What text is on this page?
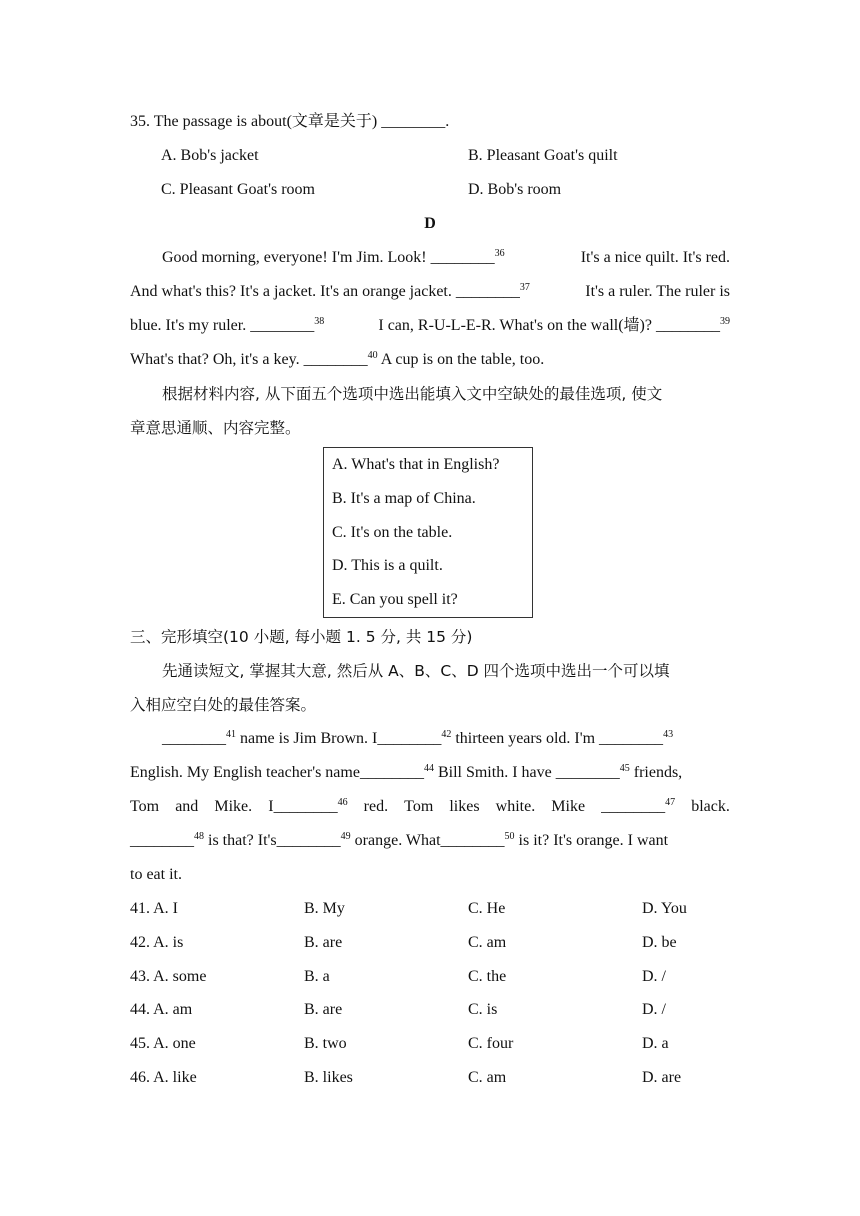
35. The passage is about(文章是关于) ________.
A. Bob's jacket	B. Pleasant Goat's quilt
C. Pleasant Goat's room	D. Bob's room
D
Good morning, everyone! I'm Jim. Look! ________$^{36}$	It's a nice quilt. It's red.
And what's this? It's a jacket. It's an orange jacket. ________$^{37}$	It's a ruler. The ruler is
blue. It's my ruler. ________$^{38}$	I can, R-U-L-E-R. What's on the wall(墙)? ________$^{39}$
What's that? Oh, it's a key. ________$^{40}$ A cup is on the table, too.
根据材料内容, 从下面五个选项中选出能填入文中空缺处的最佳选项, 使文
章意思通顺、内容完整。
A. What's that in English?
B. It's a map of China.
C. It's on the table.
D. This is a quilt.
E. Can you spell it?
三、完形填空(10 小题, 每小题 1. 5 分, 共 15 分)
先通读短文, 掌握其大意, 然后从 A、B、C、D 四个选项中选出一个可以填
入相应空白处的最佳答案。
________$^{41}$ name is Jim Brown. I________$^{42}$ thirteen years old. I'm ________$^{43}$
English. My English teacher's name________$^{44}$ Bill Smith. I have ________$^{45}$ friends,
Tom and Mike. I________$^{46}$ red. Tom likes white. Mike ________$^{47}$ black.
________$^{48}$ is that? It's________$^{49}$ orange. What________$^{50}$ is it? It's orange. I want
to eat it.
41. A. I	B. My	C. He	D. You
42. A. is	B. are	C. am	D. be
43. A. some	B. a	C. the	D. /
44. A. am	B. are	C. is	D. /
45. A. one	B. two	C. four	D. a
46. A. like	B. likes	C. am	D. are
